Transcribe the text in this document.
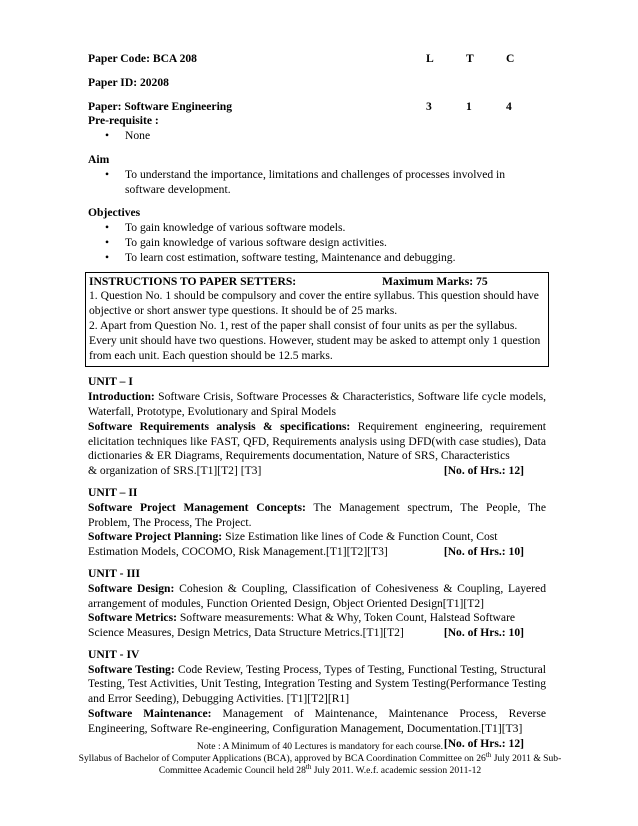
Paper Code: BCA 208	L	T	C
Paper ID: 20208
Paper: Software Engineering	3	1	4
Pre-requisite :
• None
Aim
• To understand the importance, limitations and challenges of processes involved in software development.
Objectives
• To gain knowledge of various software models.
• To gain knowledge of various software design activities.
• To learn cost estimation, software testing, Maintenance and debugging.
INSTRUCTIONS TO PAPER SETTERS:	Maximum Marks: 75
1. Question No. 1 should be compulsory and cover the entire syllabus. This question should have objective or short answer type questions. It should be of 25 marks.
2. Apart from Question No. 1, rest of the paper shall consist of four units as per the syllabus. Every unit should have two questions. However, student may be asked to attempt only 1 question from each unit. Each question should be 12.5 marks.
UNIT – I
Introduction: Software Crisis, Software Processes & Characteristics, Software life cycle models, Waterfall, Prototype, Evolutionary and Spiral Models
Software Requirements analysis & specifications: Requirement engineering, requirement elicitation techniques like FAST, QFD, Requirements analysis using DFD(with case studies), Data dictionaries & ER Diagrams, Requirements documentation, Nature of SRS, Characteristics
& organization of SRS.[T1][T2] [T3]	[No. of Hrs.: 12]
UNIT – II
Software Project Management Concepts: The Management spectrum, The People, The Problem, The Process, The Project.
Software Project Planning: Size Estimation like lines of Code & Function Count, Cost
Estimation Models, COCOMO, Risk Management.[T1][T2][T3]	[No. of Hrs.: 10]
UNIT - III
Software Design: Cohesion & Coupling, Classification of Cohesiveness & Coupling, Layered arrangement of modules, Function Oriented Design, Object Oriented Design[T1][T2]
Software Metrics: Software measurements: What & Why, Token Count, Halstead Software
Science Measures, Design Metrics, Data Structure Metrics.[T1][T2]	[No. of Hrs.: 10]
UNIT - IV
Software Testing: Code Review, Testing Process, Types of Testing, Functional Testing, Structural Testing, Test Activities, Unit Testing, Integration Testing and System Testing(Performance Testing and Error Seeding), Debugging Activities. [T1][T2][R1]
Software Maintenance: Management of Maintenance, Maintenance Process, Reverse Engineering, Software Re-engineering, Configuration Management, Documentation.[T1][T3]
[No. of Hrs.: 12]
Note : A Minimum of 40 Lectures is mandatory for each course.
Syllabus of Bachelor of Computer Applications (BCA), approved by BCA Coordination Committee on 26th July 2011 & Sub-
Committee Academic Council held 28th July 2011. W.e.f. academic session 2011-12
